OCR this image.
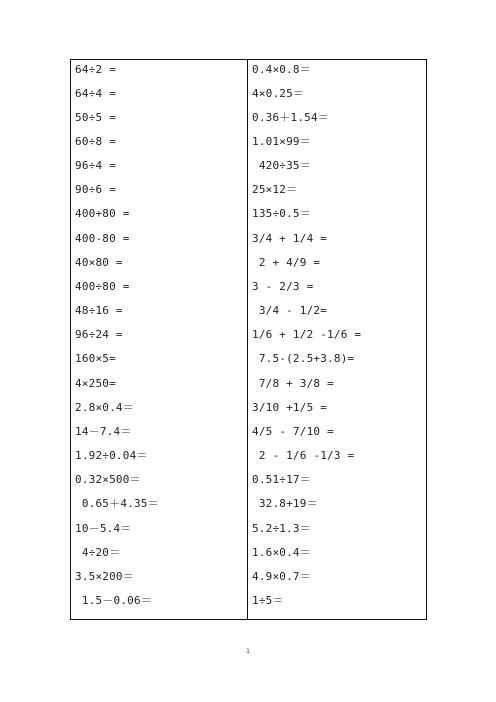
64÷2 =
64÷4 =
50÷5 =
60÷8 =
96÷4 =
90÷6 =
400+80 =
400-80 =
40×80 =
400÷80 =
48÷16 =
96÷24 =
160×5=
4×250=
2.8×0.4＝
14－7.4＝
1.92÷0.04＝
0.32×500＝
0.65＋4.35＝
10－5.4＝
4÷20＝
3.5×200＝
1.5－0.06＝
0.4×0.8＝
4×0.25＝
0.36＋1.54＝
1.01×99＝
420÷35＝
25×12＝
135÷0.5＝
3/4 + 1/4 =
2 + 4/9 =
3 - 2/3 =
3/4 - 1/2=
1/6 + 1/2 -1/6 =
7.5-(2.5+3.8)=
7/8 + 3/8 =
3/10 +1/5 =
4/5 - 7/10 =
2 - 1/6 -1/3 =
0.51÷17＝
32.8+19＝
5.2÷1.3＝
1.6×0.4＝
4.9×0.7＝
1÷5＝
1
